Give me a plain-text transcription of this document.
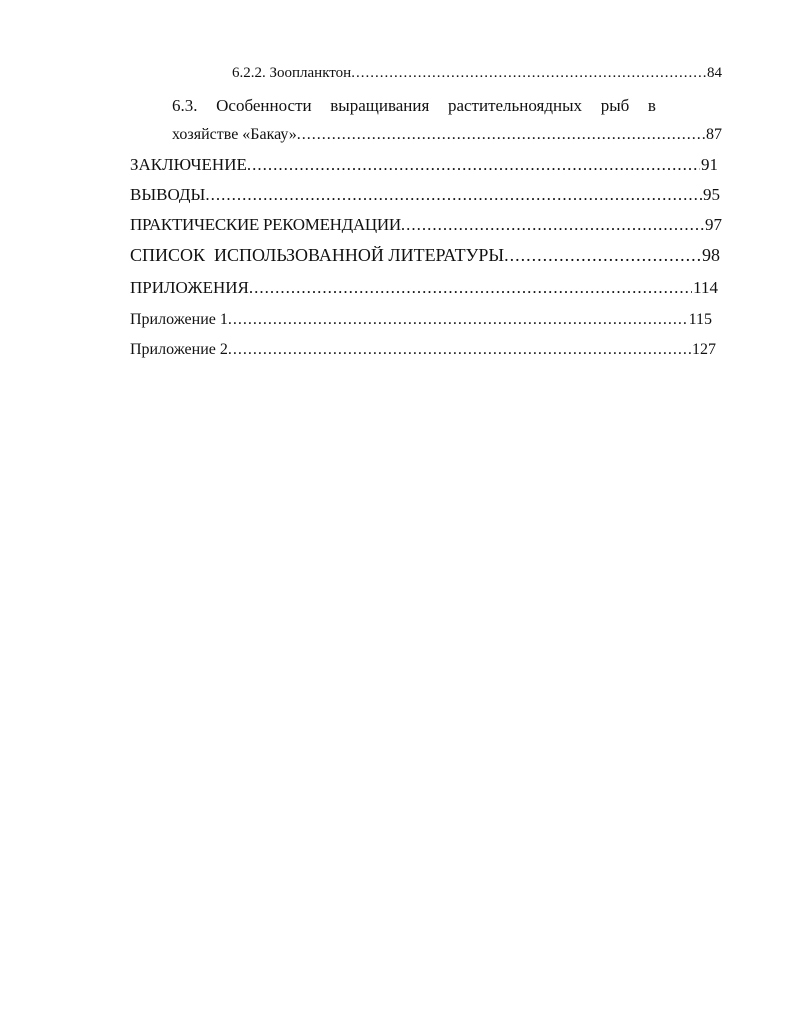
6.2.2. Зоопланктон .....	84
6.3. Особенности выращивания растительноядных рыб в
хозяйстве «Бакау» .....	87
ЗАКЛЮЧЕНИЕ .....	91
ВЫВОДЫ .....	95
ПРАКТИЧЕСКИЕ РЕКОМЕНДАЦИИ .....	97
СПИСОК  ИСПОЛЬЗОВАННОЙ ЛИТЕРАТУРЫ .....	98
ПРИЛОЖЕНИЯ .....	114
Приложение 1 .....	115
Приложение 2 .....	127
